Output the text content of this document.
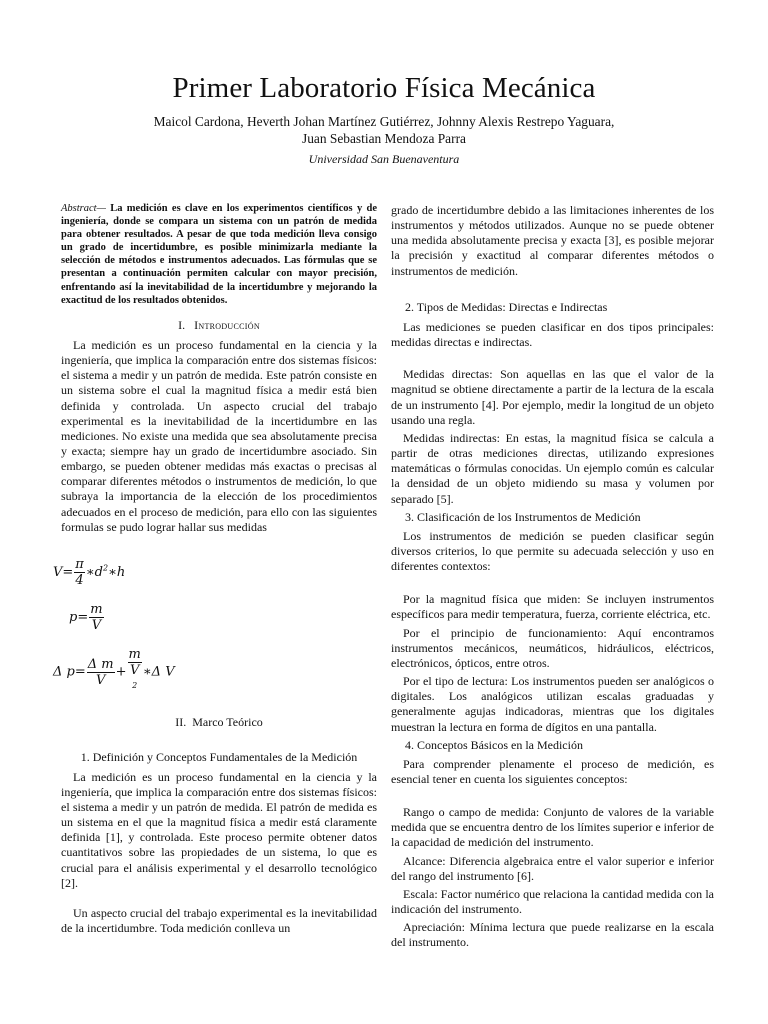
Primer Laboratorio Física Mecánica
Maicol Cardona, Heverth Johan Martínez Gutiérrez, Johnny Alexis Restrepo Yaguara, Juan Sebastian Mendoza Parra
Universidad San Buenaventura

Abstract— La medición es clave en los experimentos científicos y de ingeniería, donde se compara un sistema con un patrón de medida para obtener resultados. A pesar de que toda medición lleva consigo un grado de incertidumbre, es posible minimizarla mediante la selección de métodos e instrumentos adecuados. Las fórmulas que se presentan a continuación permiten calcular con mayor precisión, enfrentando así la inevitabilidad de la incertidumbre y mejorando la exactitud de los resultados obtenidos.

I. Introducción

La medición es un proceso fundamental en la ciencia y la ingeniería, que implica la comparación entre dos sistemas físicos: el sistema a medir y un patrón de medida. Este patrón consiste en un sistema sobre el cual la magnitud física a medir está bien definida y controlada. Un aspecto crucial del trabajo experimental es la inevitabilidad de la incertidumbre en las mediciones. No existe una medida que sea absolutamente precisa y exacta; siempre hay un grado de incertidumbre asociado. Sin embargo, se pueden obtener medidas más exactas o precisas al comparar diferentes métodos o instrumentos de medición, lo que subraya la importancia de la elección de los procedimientos adecuados en el proceso de medición, para ello con las siguientes formulas se pudo lograr hallar sus medidas

$V= \frac{\pi}{4}$ $∗d^2∗h$
$p= \frac{m}{V}$
Δ $p= \frac{\text{Δ m}}{V} + m$
V
$^2$ ∗Δ V
II. Marco Teórico

1. Definición y Conceptos Fundamentales de la Medición

La medición es un proceso fundamental en la ciencia y la ingeniería, que implica la comparación entre dos sistemas físicos: el sistema a medir y un patrón de medida. El patrón de medida es un sistema en el que la magnitud física a medir está claramente definida [1], y controlada. Este proceso permite obtener datos cuantitativos sobre las propiedades de un sistema, lo que es crucial para el análisis experimental y el desarrollo tecnológico [2].

Un aspecto crucial del trabajo experimental es la inevitabilidad de la incertidumbre. Toda medición conlleva un

grado de incertidumbre debido a las limitaciones inherentes de los instrumentos y métodos utilizados. Aunque no se puede obtener una medida absolutamente precisa y exacta [3], es posible mejorar la precisión y exactitud al comparar diferentes métodos o instrumentos de medición.

2. Tipos de Medidas: Directas e Indirectas

Las mediciones se pueden clasificar en dos tipos principales: medidas directas e indirectas.

Medidas directas: Son aquellas en las que el valor de la magnitud se obtiene directamente a partir de la lectura de la escala de un instrumento [4]. Por ejemplo, medir la longitud de un objeto usando una regla.

Medidas indirectas: En estas, la magnitud física se calcula a partir de otras mediciones directas, utilizando expresiones matemáticas o fórmulas conocidas. Un ejemplo común es calcular la densidad de un objeto midiendo su masa y volumen por separado [5].

3. Clasificación de los Instrumentos de Medición

Los instrumentos de medición se pueden clasificar según diversos criterios, lo que permite su adecuada selección y uso en diferentes contextos:

Por la magnitud física que miden: Se incluyen instrumentos específicos para medir temperatura, fuerza, corriente eléctrica, etc.

Por el principio de funcionamiento: Aquí encontramos instrumentos mecánicos, neumáticos, hidráulicos, eléctricos, electrónicos, ópticos, entre otros.

Por el tipo de lectura: Los instrumentos pueden ser analógicos o digitales. Los analógicos utilizan escalas graduadas y generalmente agujas indicadoras, mientras que los digitales muestran la lectura en forma de dígitos en una pantalla.

4. Conceptos Básicos en la Medición

Para comprender plenamente el proceso de medición, es esencial tener en cuenta los siguientes conceptos:

Rango o campo de medida: Conjunto de valores de la variable medida que se encuentra dentro de los límites superior e inferior de la capacidad de medición del instrumento.

Alcance: Diferencia algebraica entre el valor superior e inferior del rango del instrumento [6].

Escala: Factor numérico que relaciona la cantidad medida con la indicación del instrumento.

Apreciación: Mínima lectura que puede realizarse en la escala del instrumento.
